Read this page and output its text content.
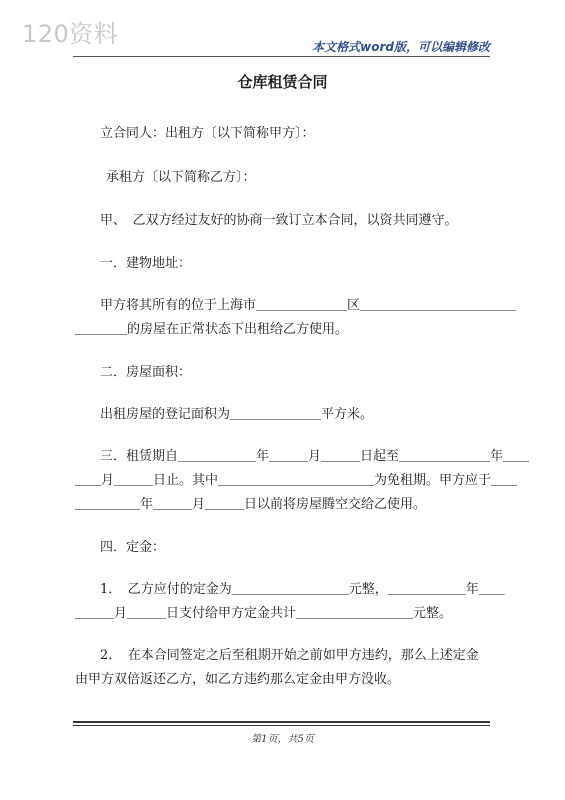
120资料	本文格式word版，可以编辑修改
仓库租赁合同
立合同人：出租方〔以下简称甲方〕：
承租方〔以下简称乙方〕：
甲、　乙双方经过友好的协商一致订立本合同，以资共同遵守。
一．建物地址：
甲方将其所有的位于上海市＿＿＿＿＿＿＿区＿＿＿＿＿＿＿＿＿＿＿＿
＿＿＿＿的房屋在正常状态下出租给乙方使用。
二．房屋面积：
出租房屋的登记面积为＿＿＿＿＿＿＿平方米。
三．租赁期自＿＿＿＿＿＿年＿＿＿月＿＿＿日起至＿＿＿＿＿＿＿年＿＿
＿＿月＿＿＿日止。其中＿＿＿＿＿＿＿＿＿＿＿＿为免租期。甲方应于＿＿
＿＿＿＿＿年＿＿＿月＿＿＿日以前将房屋腾空交给乙使用。
四．定金：
1．　乙方应付的定金为＿＿＿＿＿＿＿＿＿元整，＿＿＿＿＿＿年＿＿
＿＿＿月＿＿＿日支付给甲方定金共计＿＿＿＿＿＿＿＿＿元整。
2．　在本合同签定之后至租期开始之前如甲方违约，那么上述定金
由甲方双倍返还乙方，如乙方违约那么定金由甲方没收。
第1页，共5页
